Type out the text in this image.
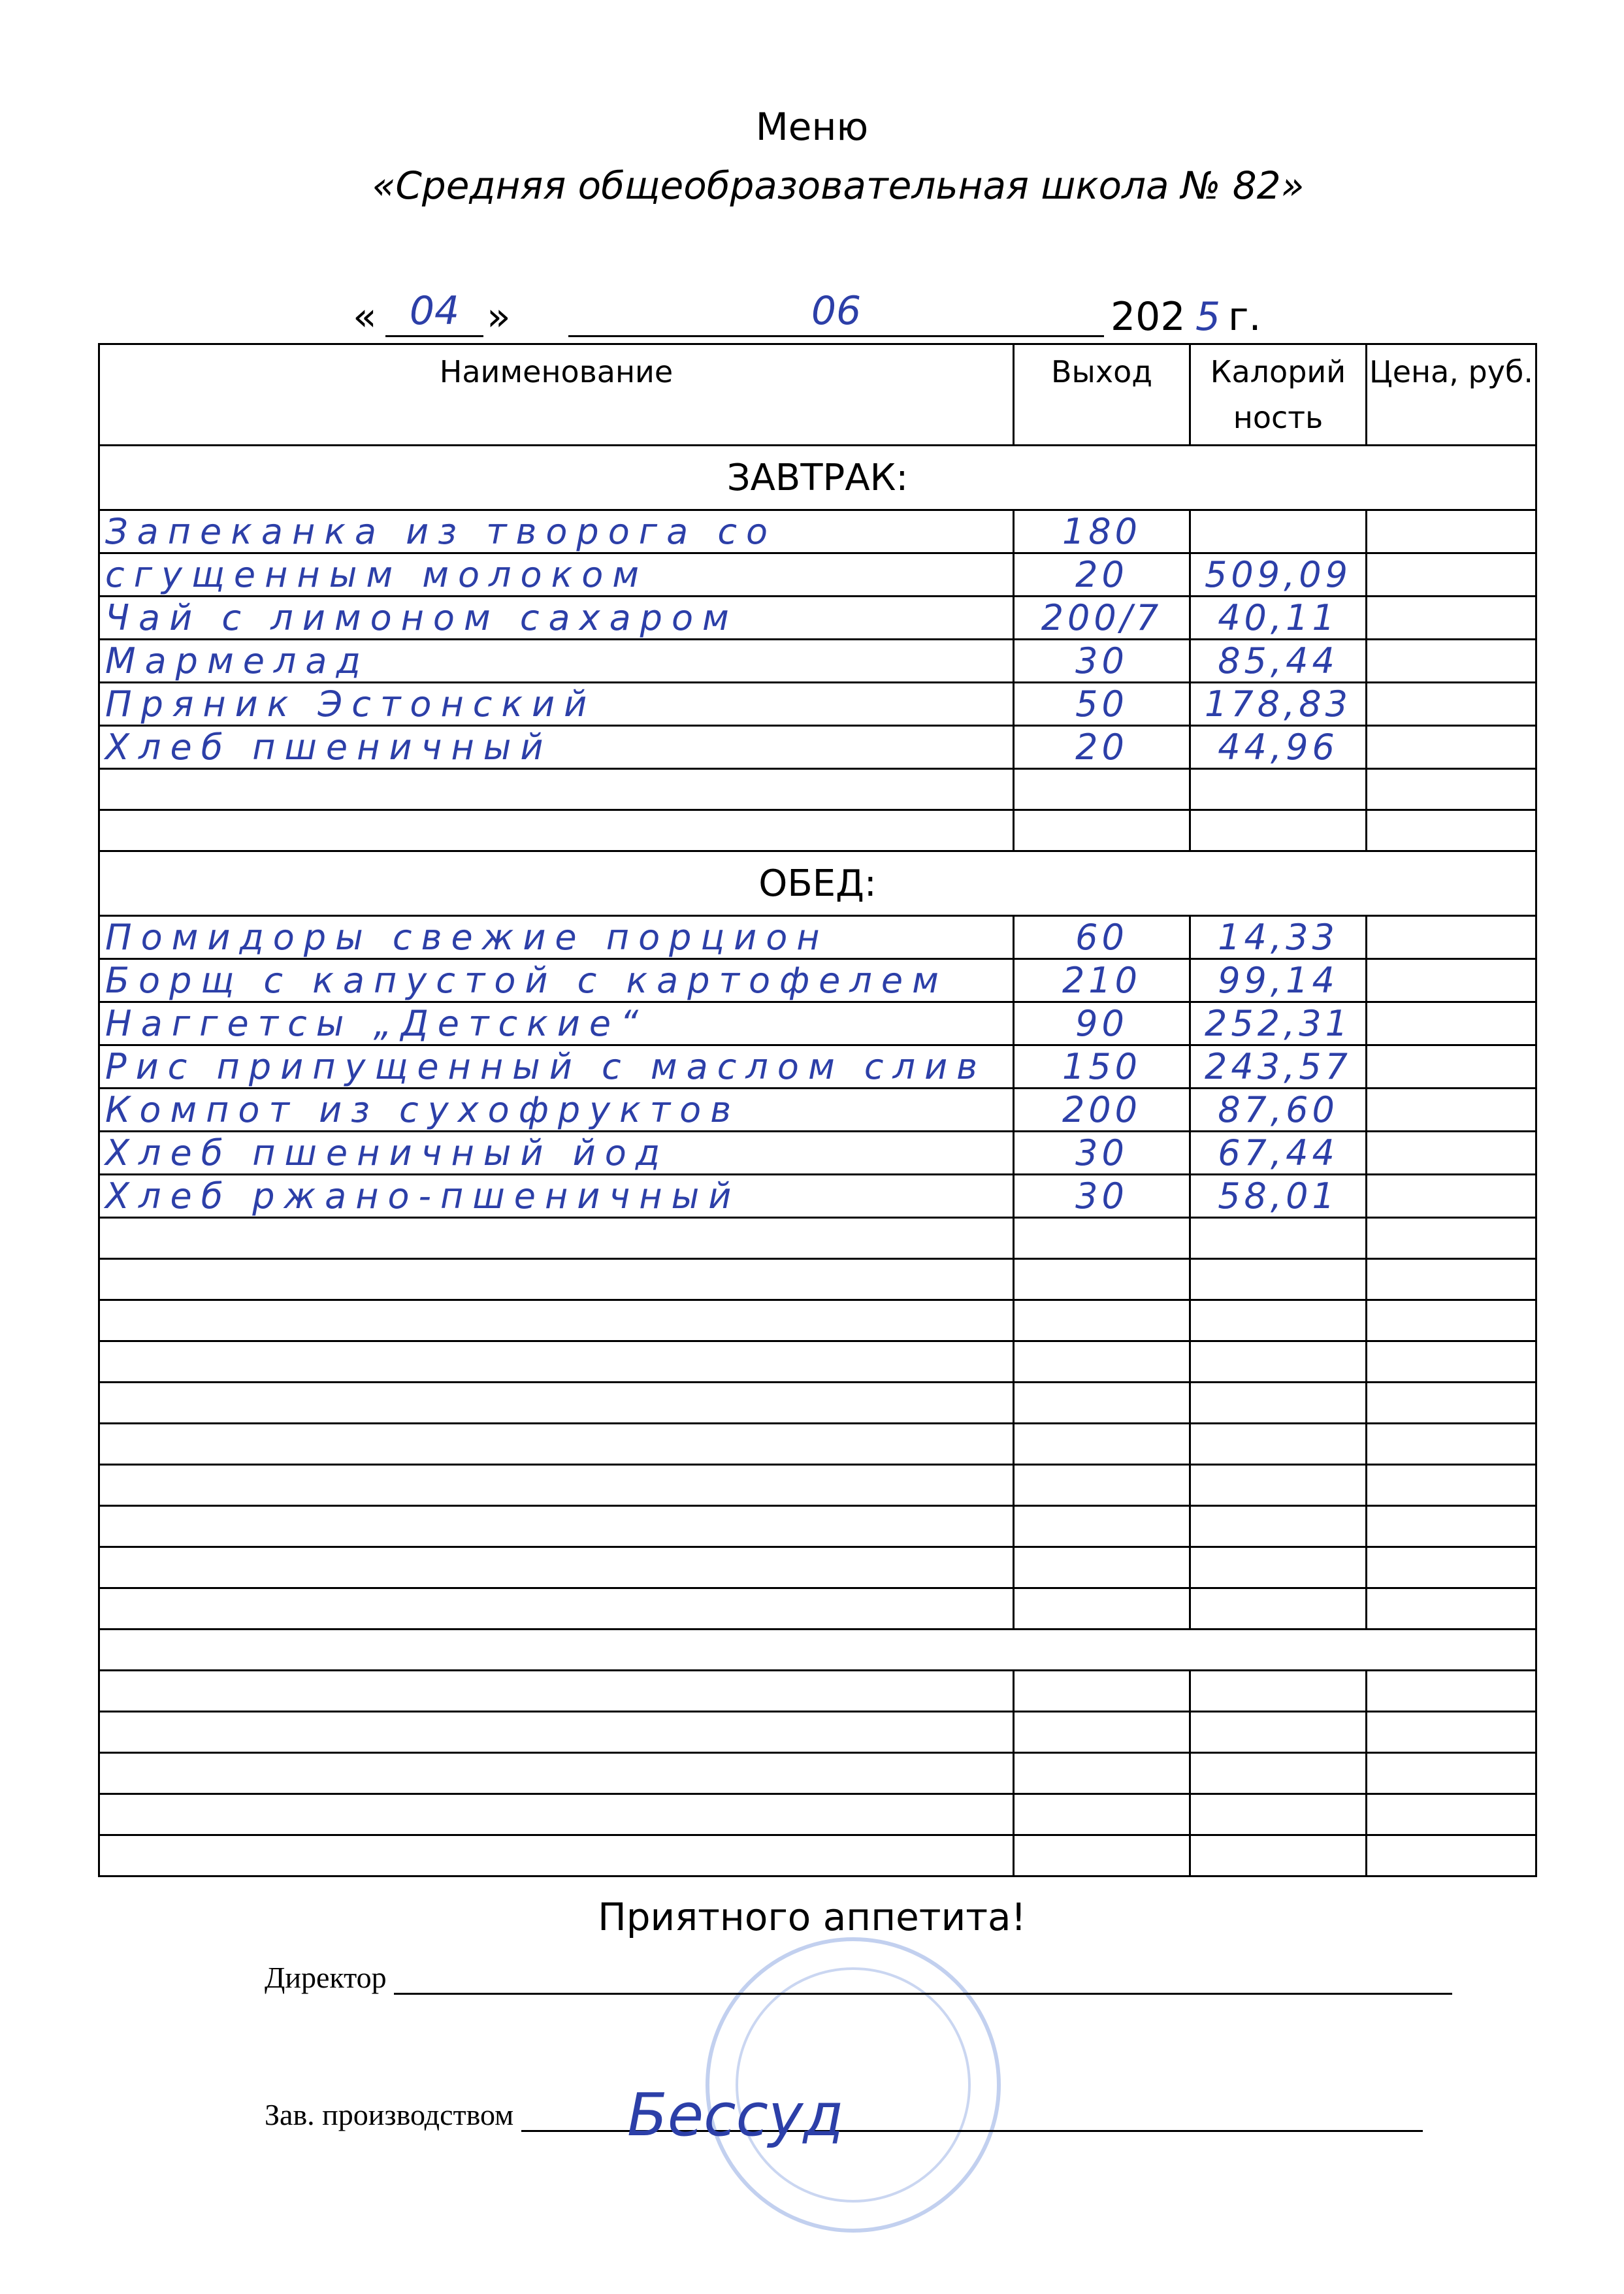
Меню
«Средняя общеобразовательная школа № 82»
« 04 »	06	202 5 г.
Наименование	Выход	Калорий ность	Цена, руб.
ЗАВТРАК:			
Запеканка из творога со	180		
сгущенным молоком	20	509,09	
Чай с лимоном сахаром	200/7	40,11	
Мармелад	30	85,44	
Пряник Эстонский	50	178,83	
Хлеб пшеничный	20	44,96	

ОБЕД:			
Помидоры свежие порцион	60	14,33	
Борщ с капустой с картофелем	210	99,14	
Наггетсы „Детские“	90	252,31	
Рис припущенный с маслом слив	150	243,57	
Компот из сухофруктов	200	87,60	
Хлеб пшеничный йод	30	67,44	
Хлеб ржано-пшеничный	30	58,01	

Приятного аппетита!
Директор
Зав. производством	Бессуд
